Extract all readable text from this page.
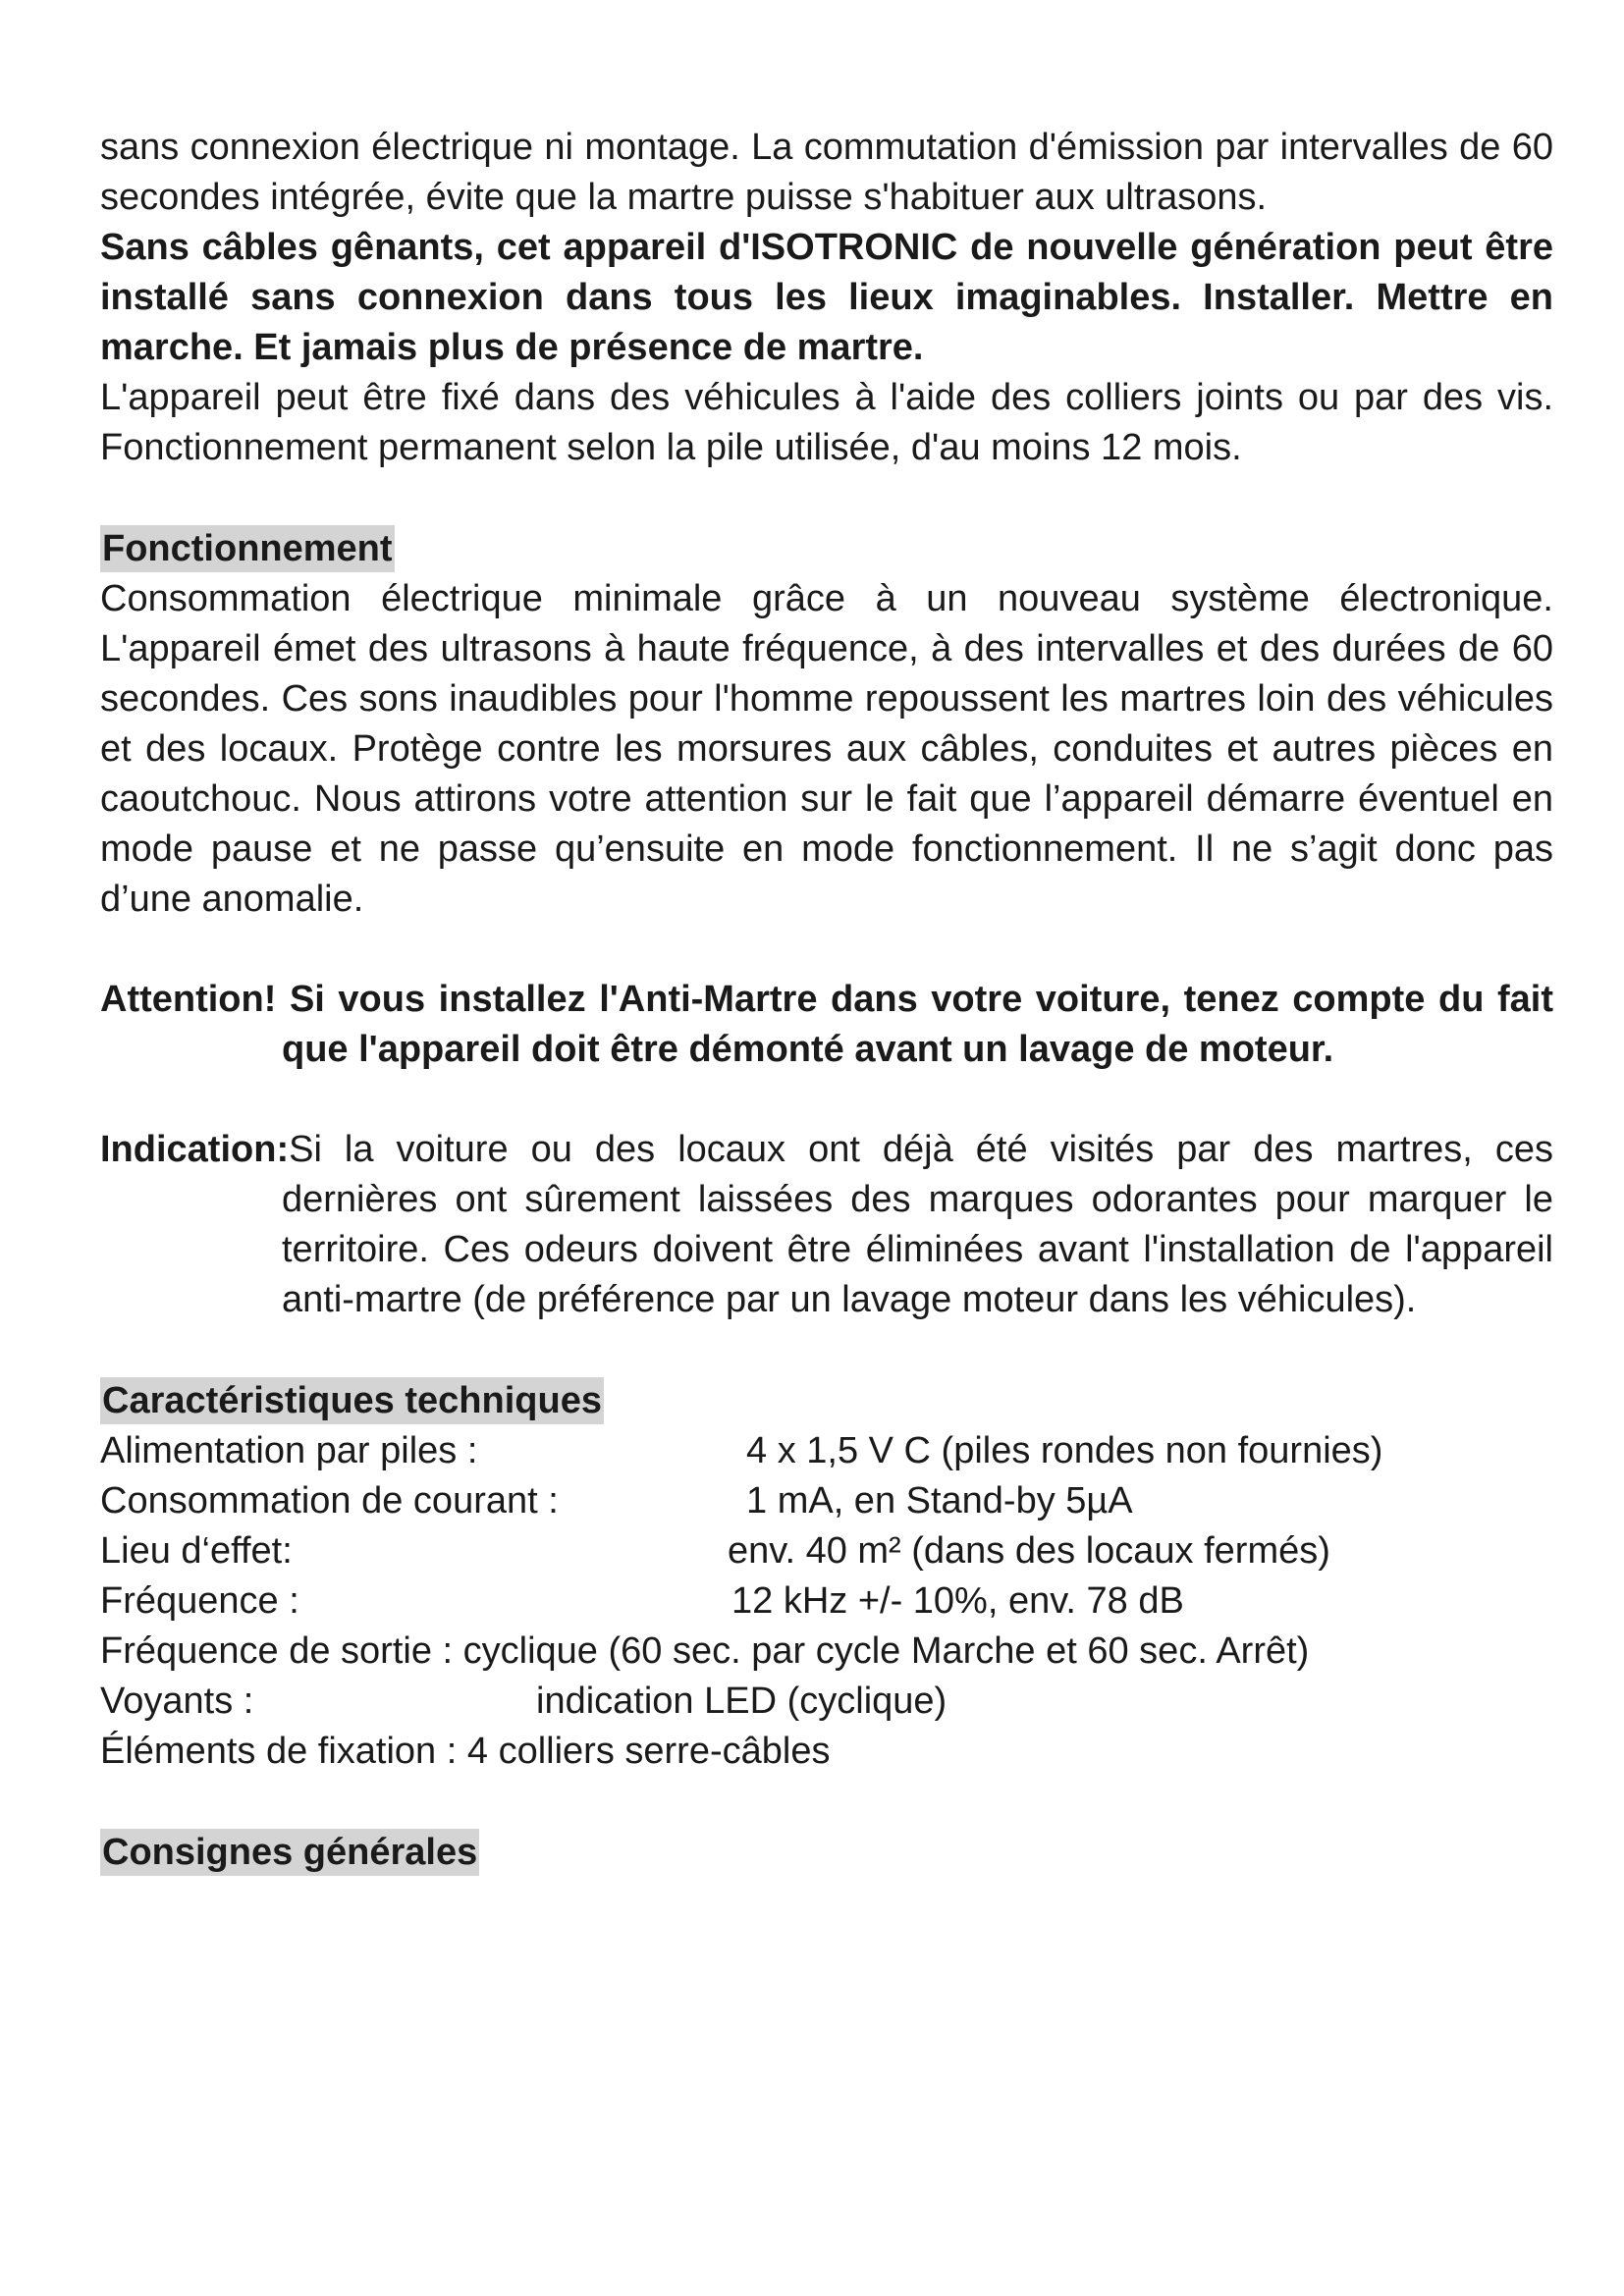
sans connexion électrique ni montage. La commutation d'émission par intervalles de 60 secondes intégrée, évite que la martre puisse s'habituer aux ultrasons.

Sans câbles gênants, cet appareil d'ISOTRONIC de nouvelle génération peut être installé sans connexion dans tous les lieux imaginables. Installer. Mettre en marche. Et jamais plus de présence de martre.

L'appareil peut être fixé dans des véhicules à l'aide des colliers joints ou par des vis. Fonctionnement permanent selon la pile utilisée, d'au moins 12 mois.

Fonctionnement

Consommation électrique minimale grâce à un nouveau système électronique. L'appareil émet des ultrasons à haute fréquence, à des intervalles et des durées de 60 secondes. Ces sons inaudibles pour l'homme repoussent les martres loin des véhicules et des locaux. Protège contre les morsures aux câbles, conduites et autres pièces en caoutchouc. Nous attirons votre attention sur le fait que l’appareil démarre éventuel en mode pause et ne passe qu’ensuite en mode fonctionnement. Il ne s’agit donc pas d’une anomalie.

Attention! Si vous installez l'Anti-Martre dans votre voiture, tenez compte du fait que l'appareil doit être démonté avant un lavage de moteur.

Indication:Si la voiture ou des locaux ont déjà été visités par des martres, ces dernières ont sûrement laissées des marques odorantes pour marquer le territoire. Ces odeurs doivent être éliminées avant l'installation de l'appareil anti-martre (de préférence par un lavage moteur dans les véhicules).

Caractéristiques techniques
Alimentation par piles :	4 x 1,5 V C (piles rondes non fournies)
Consommation de courant :	1 mA, en Stand-by 5µA
Lieu d‘effet:	env. 40 m² (dans des locaux fermés)
Fréquence :	12 kHz +/- 10%, env. 78 dB
Fréquence de sortie : cyclique (60 sec. par cycle Marche et 60 sec. Arrêt)
Voyants :	indication LED (cyclique)
Éléments de fixation : 4 colliers serre-câbles
Consignes générales
